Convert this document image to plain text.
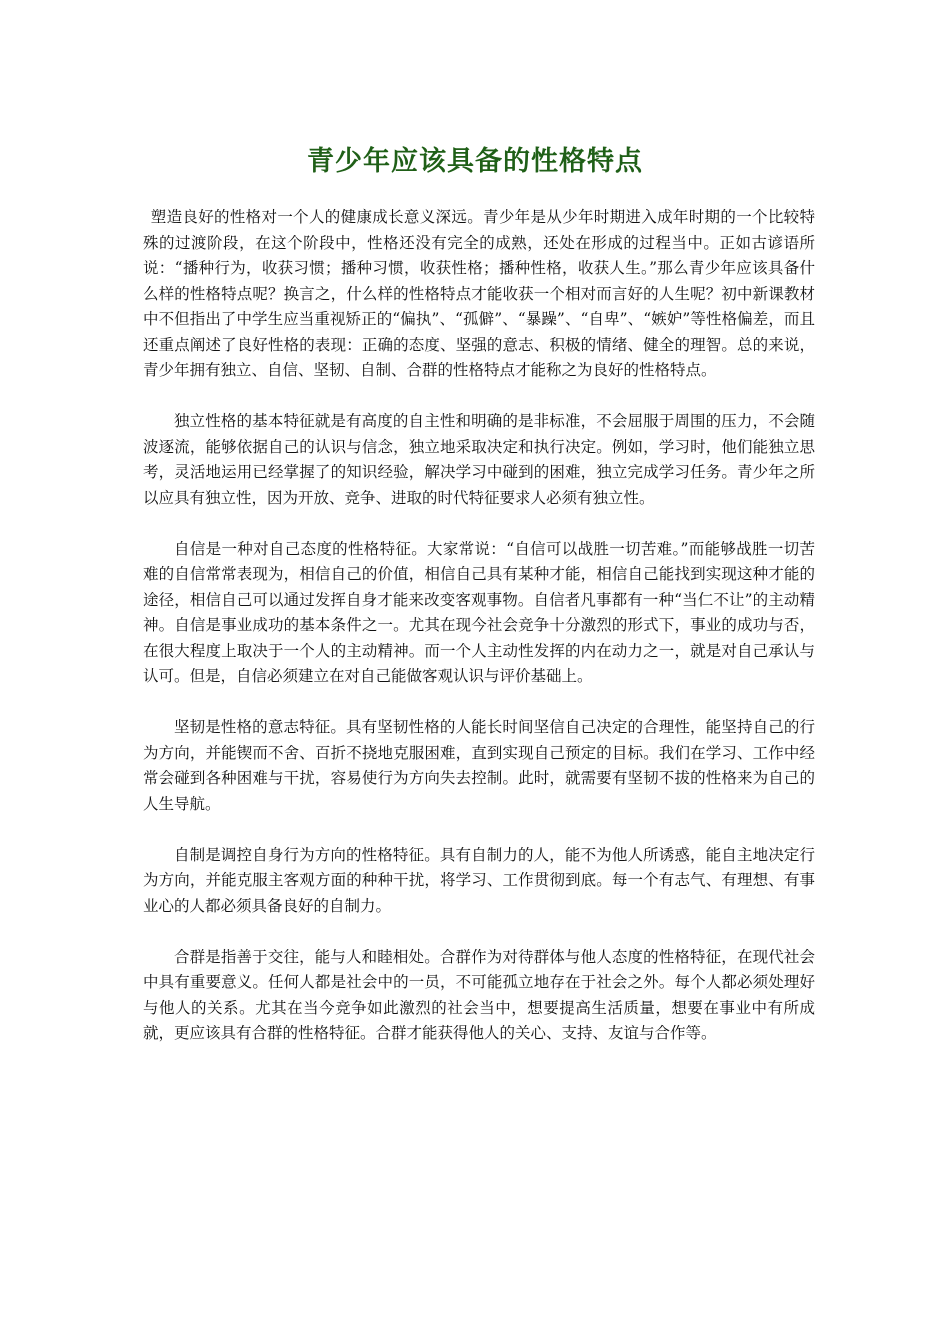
青少年应该具备的性格特点

塑造良好的性格对一个人的健康成长意义深远。青少年是从少年时期进入成年时期的一个比较特殊的过渡阶段，在这个阶段中，性格还没有完全的成熟，还处在形成的过程当中。正如古谚语所说：“播种行为，收获习惯；播种习惯，收获性格；播种性格，收获人生。”那么青少年应该具备什么样的性格特点呢？换言之，什么样的性格特点才能收获一个相对而言好的人生呢？初中新课教材中不但指出了中学生应当重视矫正的“偏执”、“孤僻”、“暴躁”、“自卑”、“嫉妒”等性格偏差，而且还重点阐述了良好性格的表现：正确的态度、坚强的意志、积极的情绪、健全的理智。总的来说，青少年拥有独立、自信、坚韧、自制、合群的性格特点才能称之为良好的性格特点。

独立性格的基本特征就是有高度的自主性和明确的是非标准，不会屈服于周围的压力，不会随波逐流，能够依据自己的认识与信念，独立地采取决定和执行决定。例如，学习时，他们能独立思考，灵活地运用已经掌握了的知识经验，解决学习中碰到的困难，独立完成学习任务。青少年之所以应具有独立性，因为开放、竞争、进取的时代特征要求人必须有独立性。

自信是一种对自己态度的性格特征。大家常说：“自信可以战胜一切苦难。”而能够战胜一切苦难的自信常常表现为，相信自己的价值，相信自己具有某种才能，相信自己能找到实现这种才能的途径，相信自己可以通过发挥自身才能来改变客观事物。自信者凡事都有一种“当仁不让”的主动精神。自信是事业成功的基本条件之一。尤其在现今社会竞争十分激烈的形式下，事业的成功与否，在很大程度上取决于一个人的主动精神。而一个人主动性发挥的内在动力之一，就是对自己承认与认可。但是，自信必须建立在对自己能做客观认识与评价基础上。

坚韧是性格的意志特征。具有坚韧性格的人能长时间坚信自己决定的合理性，能坚持自己的行为方向，并能锲而不舍、百折不挠地克服困难，直到实现自己预定的目标。我们在学习、工作中经常会碰到各种困难与干扰，容易使行为方向失去控制。此时，就需要有坚韧不拔的性格来为自己的人生导航。

自制是调控自身行为方向的性格特征。具有自制力的人，能不为他人所诱惑，能自主地决定行为方向，并能克服主客观方面的种种干扰，将学习、工作贯彻到底。每一个有志气、有理想、有事业心的人都必须具备良好的自制力。

合群是指善于交往，能与人和睦相处。合群作为对待群体与他人态度的性格特征，在现代社会中具有重要意义。任何人都是社会中的一员，不可能孤立地存在于社会之外。每个人都必须处理好与他人的关系。尤其在当今竞争如此激烈的社会当中，想要提高生活质量，想要在事业中有所成就，更应该具有合群的性格特征。合群才能获得他人的关心、支持、友谊与合作等。
